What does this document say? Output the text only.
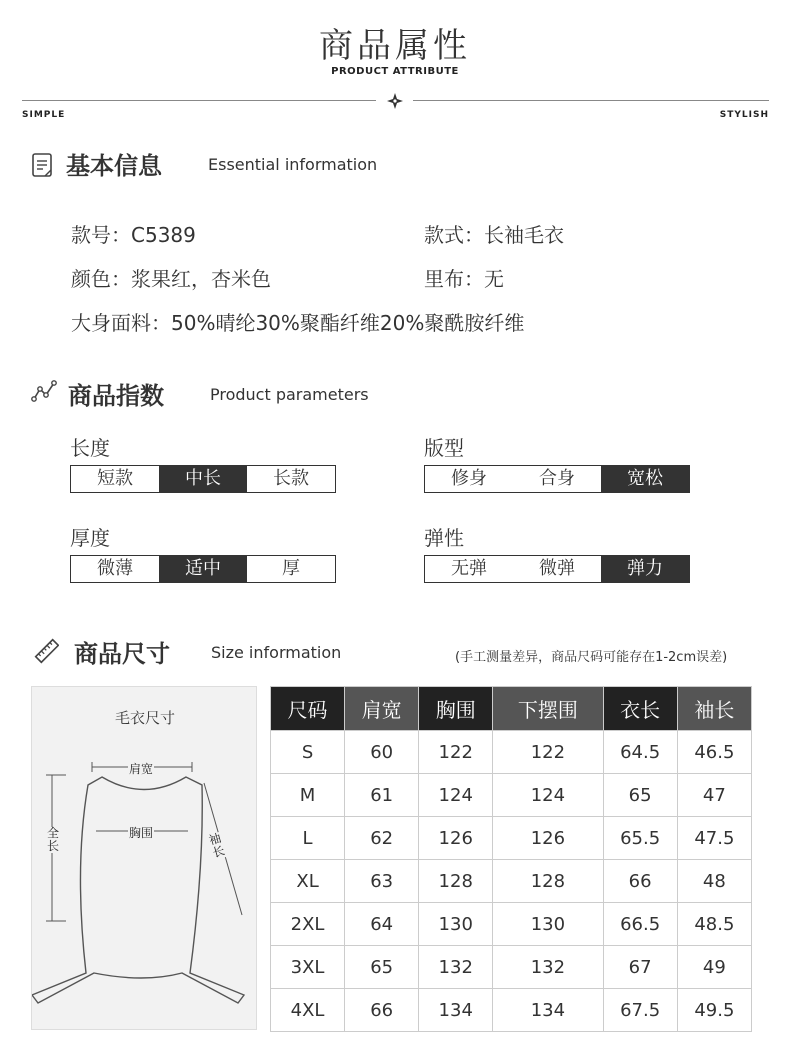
商品属性
PRODUCT ATTRIBUTE
SIMPLE	STYLISH
基本信息	Essential information
款号：C5389	款式：长袖毛衣
颜色：浆果红，杏米色	里布：无
大身面料：50%晴纶30%聚酯纤维20%聚酰胺纤维
商品指数	Product parameters
长度
短款	中长	长款
版型
修身	合身	宽松
厚度
微薄	适中	厚
弹性
无弹	微弹	弹力
商品尺寸	Size information	(手工测量差异，商品尺码可能存在1-2cm误差)
毛衣尺寸
肩宽
胸围
全长	袖长
尺码	肩宽	胸围	下摆围	衣长	袖长
S	60	122	122	64.5	46.5
M	61	124	124	65	47
L	62	126	126	65.5	47.5
XL	63	128	128	66	48
2XL	64	130	130	66.5	48.5
3XL	65	132	132	67	49
4XL	66	134	134	67.5	49.5
